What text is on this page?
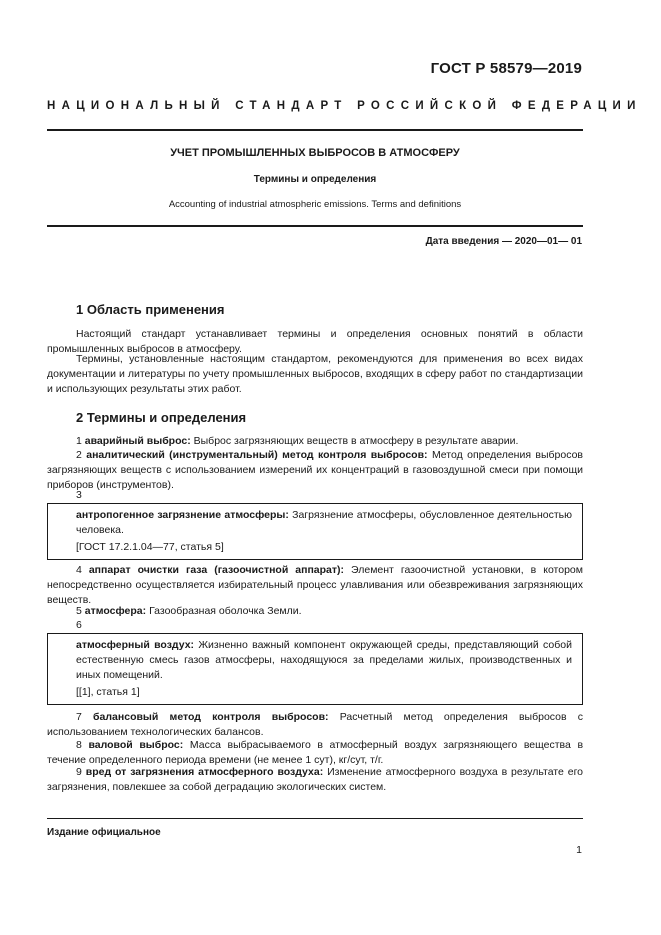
ГОСТ Р 58579—2019
НАЦИОНАЛЬНЫЙ СТАНДАРТ РОССИЙСКОЙ ФЕДЕРАЦИИ
УЧЕТ ПРОМЫШЛЕННЫХ ВЫБРОСОВ В АТМОСФЕРУ
Термины и определения
Accounting of industrial atmospheric emissions. Terms and definitions
Дата введения — 2020—01— 01
1 Область применения
Настоящий стандарт устанавливает термины и определения основных понятий в области промышленных выбросов в атмосферу.
Термины, установленные настоящим стандартом, рекомендуются для применения во всех видах документации и литературы по учету промышленных выбросов, входящих в сферу работ по стандартизации и использующих результаты этих работ.
2 Термины и определения
1 аварийный выброс: Выброс загрязняющих веществ в атмосферу в результате аварии.
2 аналитический (инструментальный) метод контроля выбросов: Метод определения выбросов загрязняющих веществ с использованием измерений их концентраций в газовоздушной смеси при помощи приборов (инструментов).
3
антропогенное загрязнение атмосферы: Загрязнение атмосферы, обусловленное деятельностью человека.
[ГОСТ 17.2.1.04—77, статья 5]
4 аппарат очистки газа (газоочистной аппарат): Элемент газоочистной установки, в котором непосредственно осуществляется избирательный процесс улавливания или обезвреживания загрязняющих веществ.
5 атмосфера: Газообразная оболочка Земли.
6
атмосферный воздух: Жизненно важный компонент окружающей среды, представляющий собой естественную смесь газов атмосферы, находящуюся за пределами жилых, производственных и иных помещений.
[[1], статья 1]
7 балансовый метод контроля выбросов: Расчетный метод определения выбросов с использованием технологических балансов.
8 валовой выброс: Масса выбрасываемого в атмосферный воздух загрязняющего вещества в течение определенного периода времени (не менее 1 сут), кг/сут, т/г.
9 вред от загрязнения атмосферного воздуха: Изменение атмосферного воздуха в результате его загрязнения, повлекшее за собой деградацию экологических систем.
Издание официальное
1
